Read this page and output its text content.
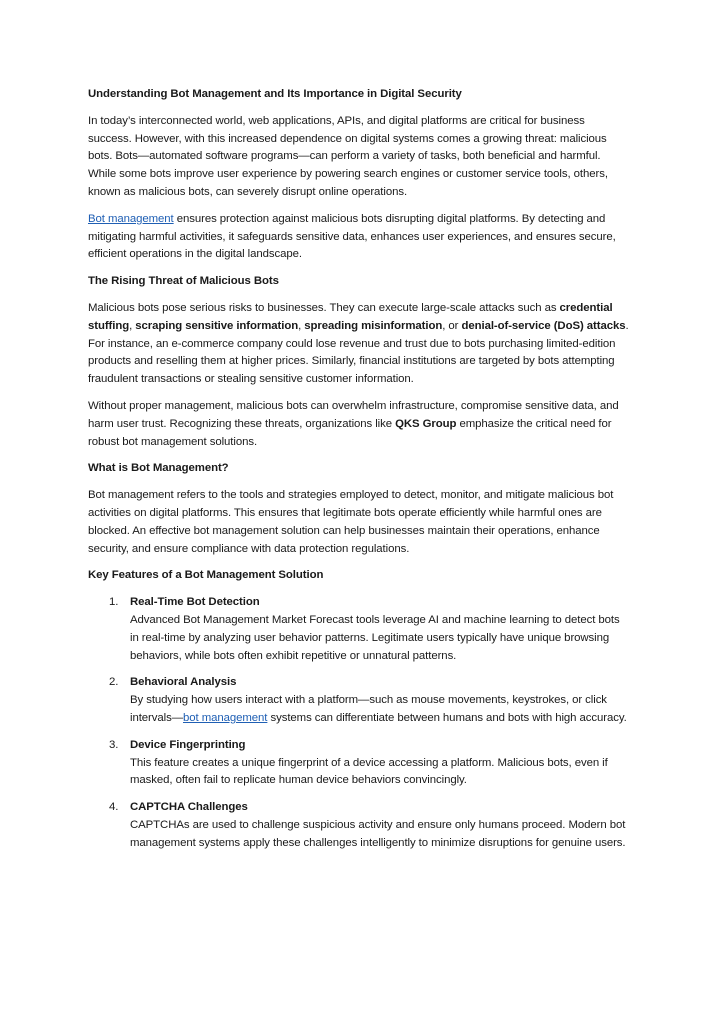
Understanding Bot Management and Its Importance in Digital Security

In today’s interconnected world, web applications, APIs, and digital platforms are critical for business success. However, with this increased dependence on digital systems comes a growing threat: malicious bots. Bots—automated software programs—can perform a variety of tasks, both beneficial and harmful. While some bots improve user experience by powering search engines or customer service tools, others, known as malicious bots, can severely disrupt online operations.

Bot management ensures protection against malicious bots disrupting digital platforms. By detecting and mitigating harmful activities, it safeguards sensitive data, enhances user experiences, and ensures secure, efficient operations in the digital landscape.

The Rising Threat of Malicious Bots

Malicious bots pose serious risks to businesses. They can execute large-scale attacks such as credential stuffing, scraping sensitive information, spreading misinformation, or denial-of-service (DoS) attacks. For instance, an e-commerce company could lose revenue and trust due to bots purchasing limited-edition products and reselling them at higher prices. Similarly, financial institutions are targeted by bots attempting fraudulent transactions or stealing sensitive customer information.

Without proper management, malicious bots can overwhelm infrastructure, compromise sensitive data, and harm user trust. Recognizing these threats, organizations like QKS Group emphasize the critical need for robust bot management solutions.

What is Bot Management?

Bot management refers to the tools and strategies employed to detect, monitor, and mitigate malicious bot activities on digital platforms. This ensures that legitimate bots operate efficiently while harmful ones are blocked. An effective bot management solution can help businesses maintain their operations, enhance security, and ensure compliance with data protection regulations.

Key Features of a Bot Management Solution

1. Real-Time Bot Detection
Advanced Bot Management Market Forecast tools leverage AI and machine learning to detect bots in real-time by analyzing user behavior patterns. Legitimate users typically have unique browsing behaviors, while bots often exhibit repetitive or unnatural patterns.
2. Behavioral Analysis
By studying how users interact with a platform—such as mouse movements, keystrokes, or click intervals—bot management systems can differentiate between humans and bots with high accuracy.
3. Device Fingerprinting
This feature creates a unique fingerprint of a device accessing a platform. Malicious bots, even if masked, often fail to replicate human device behaviors convincingly.
4. CAPTCHA Challenges
CAPTCHAs are used to challenge suspicious activity and ensure only humans proceed. Modern bot management systems apply these challenges intelligently to minimize disruptions for genuine users.
